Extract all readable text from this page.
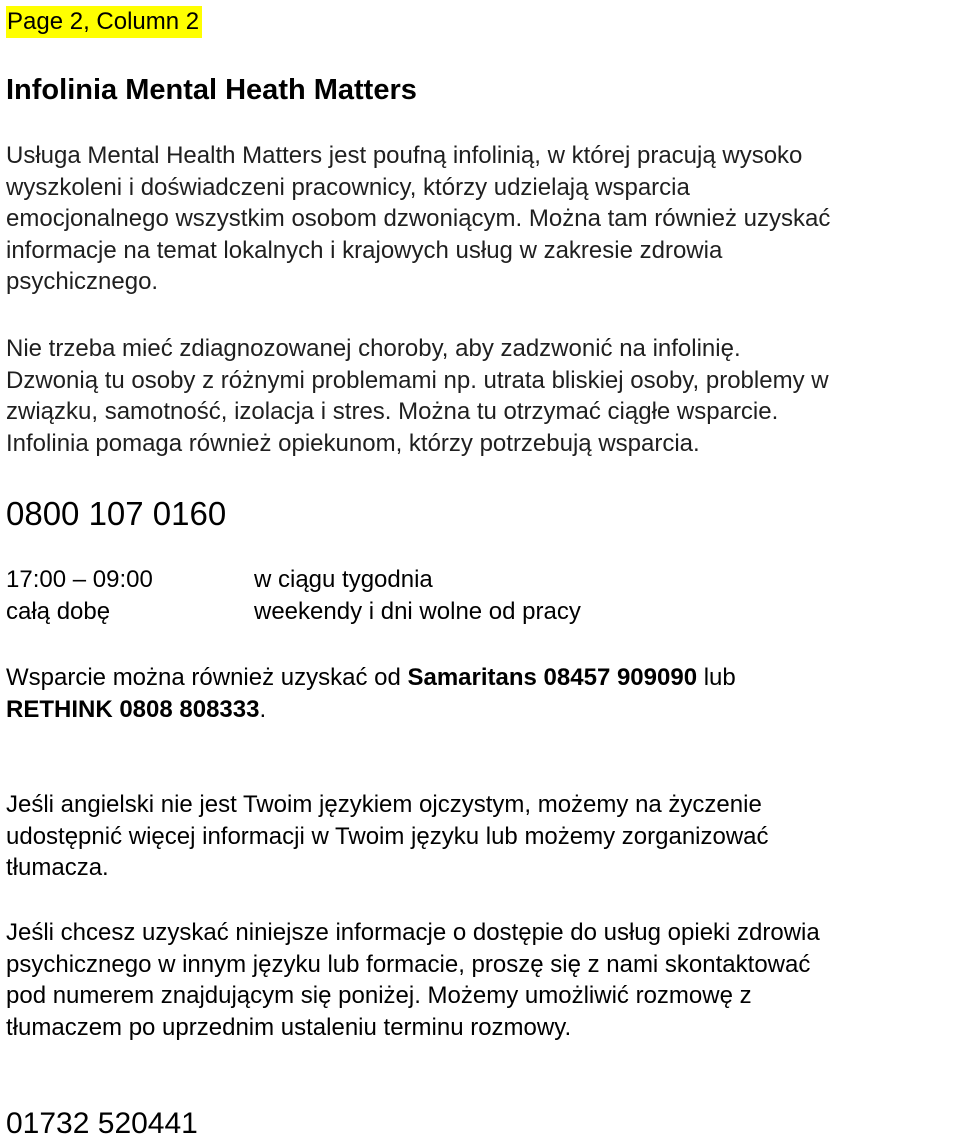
Page 2, Column 2
Infolinia Mental Heath Matters

Usługa Mental Health Matters jest poufną infolinią, w której pracują wysoko
wyszkoleni i doświadczeni pracownicy, którzy udzielają wsparcia
emocjonalnego wszystkim osobom dzwoniącym. Można tam również uzyskać
informacje na temat lokalnych i krajowych usług w zakresie zdrowia
psychicznego.

Nie trzeba mieć zdiagnozowanej choroby, aby zadzwonić na infolinię.
Dzwonią tu osoby z różnymi problemami np. utrata bliskiej osoby, problemy w
związku, samotność, izolacja i stres. Można tu otrzymać ciągłe wsparcie.
Infolinia pomaga również opiekunom, którzy potrzebują wsparcia.

0800 107 0160
17:00 – 09:00	w ciągu tygodnia
całą dobę	weekendy i dni wolne od pracy

Wsparcie można również uzyskać od Samaritans 08457 909090 lub
RETHINK 0808 808333.

Jeśli angielski nie jest Twoim językiem ojczystym, możemy na życzenie
udostępnić więcej informacji w Twoim języku lub możemy zorganizować
tłumacza.

Jeśli chcesz uzyskać niniejsze informacje o dostępie do usług opieki zdrowia
psychicznego w innym języku lub formacie, proszę się z nami skontaktować
pod numerem znajdującym się poniżej. Możemy umożliwić rozmowę z
tłumaczem po uprzednim ustaleniu terminu rozmowy.

01732 520441
